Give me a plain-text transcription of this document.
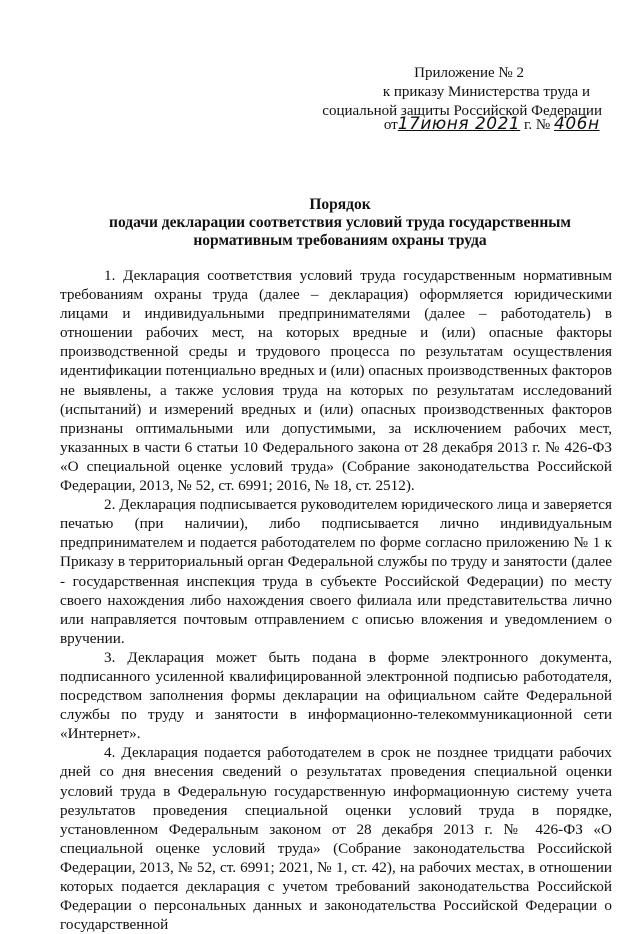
Приложение № 2
к приказу Министерства труда и
социальной защиты Российской Федерации
от17июня 2021 г. № 406н
Порядок
подачи декларации соответствия условий труда государственным
нормативным требованиям охраны труда

1. Декларация соответствия условий труда государственным нормативным требованиям охраны труда (далее – декларация) оформляется юридическими лицами и индивидуальными предпринимателями (далее – работодатель) в отношении рабочих мест, на которых вредные и (или) опасные факторы производственной среды и трудового процесса по результатам осуществления идентификации потенциально вредных и (или) опасных производственных факторов не выявлены, а также условия труда на которых по результатам исследований (испытаний) и измерений вредных и (или) опасных производственных факторов признаны оптимальными или допустимыми, за исключением рабочих мест, указанных в части 6 статьи 10 Федерального закона от 28 декабря 2013 г. № 426-ФЗ «О специальной оценке условий труда» (Собрание законодательства Российской Федерации, 2013, № 52, ст. 6991; 2016, № 18, ст. 2512).

2. Декларация подписывается руководителем юридического лица и заверяется печатью (при наличии), либо подписывается лично индивидуальным предпринимателем и подается работодателем по форме согласно приложению № 1 к Приказу в территориальный орган Федеральной службы по труду и занятости (далее - государственная инспекция труда в субъекте Российской Федерации) по месту своего нахождения либо нахождения своего филиала или представительства лично или направляется почтовым отправлением с описью вложения и уведомлением о вручении.

3. Декларация может быть подана в форме электронного документа, подписанного усиленной квалифицированной электронной подписью работодателя, посредством заполнения формы декларации на официальном сайте Федеральной службы по труду и занятости в информационно-телекоммуникационной сети «Интернет».

4. Декларация подается работодателем в срок не позднее тридцати рабочих дней со дня внесения сведений о результатах проведения специальной оценки условий труда в Федеральную государственную информационную систему учета результатов проведения специальной оценки условий труда в порядке, установленном Федеральным законом от 28 декабря 2013 г. № 426-ФЗ «О специальной оценке условий труда» (Собрание законодательства Российской Федерации, 2013, № 52, ст. 6991; 2021, № 1, ст. 42), на рабочих местах, в отношении которых подается декларация с учетом требований законодательства Российской Федерации о персональных данных и законодательства Российской Федерации о государственной
